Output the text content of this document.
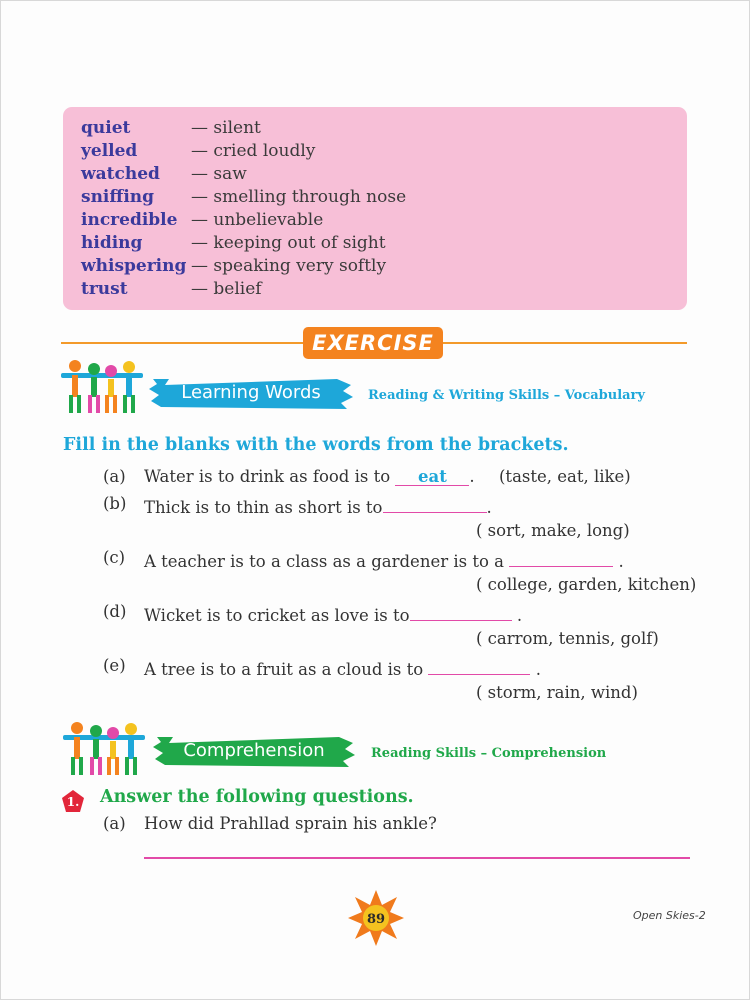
quiet	— silent
yelled	— cried loudly
watched — saw
sniffing — smelling through nose
incredible — unbelievable
hiding	— keeping out of sight
whispering — speaking very softly
trust	— belief
EXERCISE
Learning Words	Reading & Writing Skills – Vocabulary
Fill in the blanks with the words from the brackets.
(a) Water is to drink as food is to eat . (taste, eat, like)
(b) Thick is to thin as short is to	.
( sort, make, long)
(c) A teacher is to a class as a gardener is to a	.
( college, garden, kitchen)
(d) Wicket is to cricket as love is to	.
( carrom, tennis, golf)
(e) A tree is to a fruit as a cloud is to	.
( storm, rain, wind)
Comprehension	Reading Skills – Comprehension
1. Answer the following questions.
(a) How did Prahllad sprain his ankle?
89	Open Skies-2
